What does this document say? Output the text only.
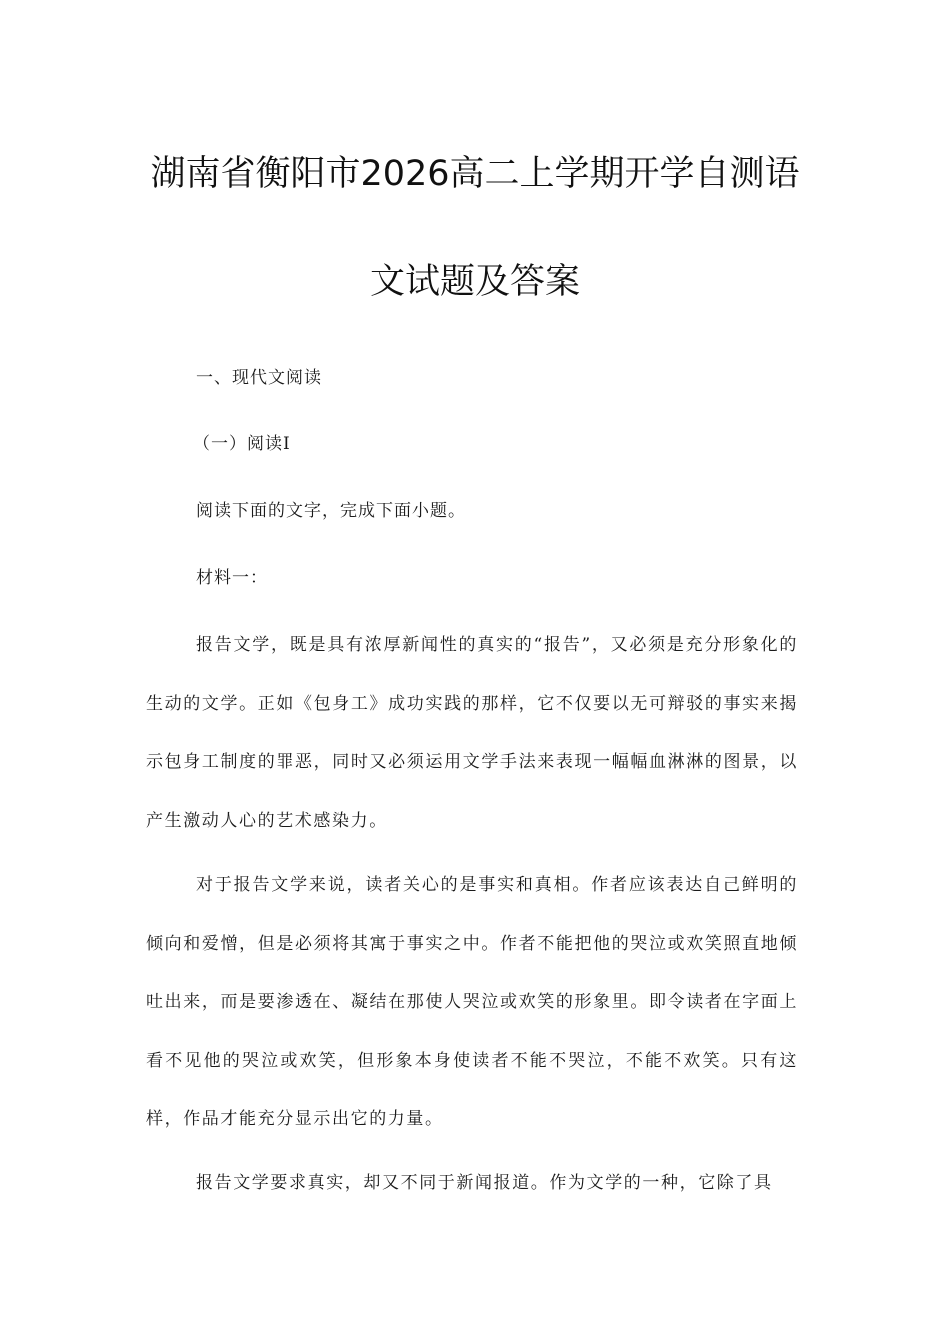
湖南省衡阳市2026高二上学期开学自测语
文试题及答案

一、现代文阅读

（一）阅读I

阅读下面的文字，完成下面小题。

材料一：

报告文学，既是具有浓厚新闻性的真实的“报告”，又必须是充分形象化的生动的文学。正如《包身工》成功实践的那样，它不仅要以无可辩驳的事实来揭示包身工制度的罪恶，同时又必须运用文学手法来表现一幅幅血淋淋的图景，以产生激动人心的艺术感染力。

对于报告文学来说，读者关心的是事实和真相。作者应该表达自己鲜明的倾向和爱憎，但是必须将其寓于事实之中。作者不能把他的哭泣或欢笑照直地倾吐出来，而是要渗透在、凝结在那使人哭泣或欢笑的形象里。即令读者在字面上看不见他的哭泣或欢笑，但形象本身使读者不能不哭泣，不能不欢笑。只有这样，作品才能充分显示出它的力量。

报告文学要求真实，却又不同于新闻报道。作为文学的一种，它除了具
